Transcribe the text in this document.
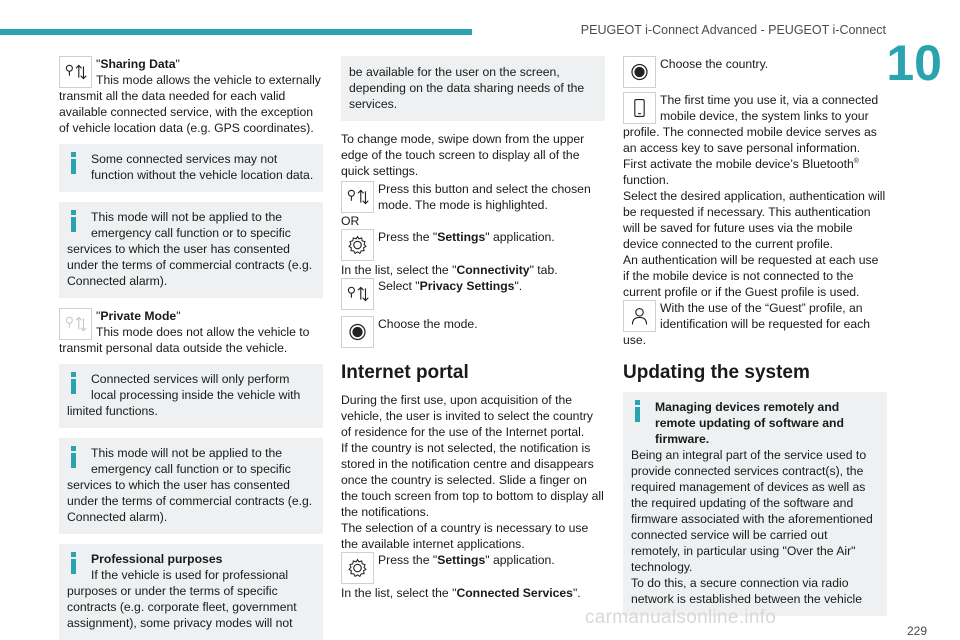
PEUGEOT i-Connect Advanced - PEUGEOT i-Connect
10
"Sharing Data"
This mode allows the vehicle to externally
transmit all the data needed for each valid available connected service, with the exception of vehicle location data (e.g. GPS coordinates).
Some connected services may not function without the vehicle location data.
This mode will not be applied to the emergency call function or to specific
services to which the user has consented under the terms of commercial contracts (e.g. Connected alarm).
"Private Mode"
This mode does not allow the vehicle to
transmit personal data outside the vehicle.
Connected services will only perform local processing inside the vehicle with
limited functions.
This mode will not be applied to the emergency call function or to specific
services to which the user has consented under the terms of commercial contracts (e.g. Connected alarm).
Professional purposes
If the vehicle is used for professional
purposes or under the terms of specific contracts (e.g. corporate fleet, government assignment), some privacy modes will not
be available for the user on the screen, depending on the data sharing needs of the services.
To change mode, swipe down from the upper edge of the touch screen to display all of the quick settings.
Press this button and select the chosen mode. The mode is highlighted.
OR
Press the "Settings" application.
In the list, select the "Connectivity" tab.
Select "Privacy Settings".
Choose the mode.
Internet portal
During the first use, upon acquisition of the vehicle, the user is invited to select the country of residence for the use of the Internet portal.
If the country is not selected, the notification is stored in the notification centre and disappears once the country is selected. Slide a finger on the touch screen from top to bottom to display all the notifications.
The selection of a country is necessary to use the available internet applications.
Press the "Settings" application.
In the list, select the "Connected Services".
Choose the country.
The first time you use it, via a connected
mobile device, the system links to your
profile. The connected mobile device serves as an access key to save personal information.
First activate the mobile device’s Bluetooth®
function.
Select the desired application, authentication will be requested if necessary. This authentication will be saved for future uses via the mobile device connected to the current profile.
An authentication will be requested at each use if the mobile device is not connected to the current profile or if the Guest profile is used.
With the use of the “Guest” profile, an
identification will be requested for each
use.
Updating the system
Managing devices remotely and remote updating of software and firmware.
Being an integral part of the service used to provide connected services contract(s), the required management of devices as well as the required updating of the software and firmware associated with the aforementioned connected service will be carried out remotely, in particular using "Over the Air" technology.
To do this, a secure connection via radio network is established between the vehicle
229
carmanualsonline.info
